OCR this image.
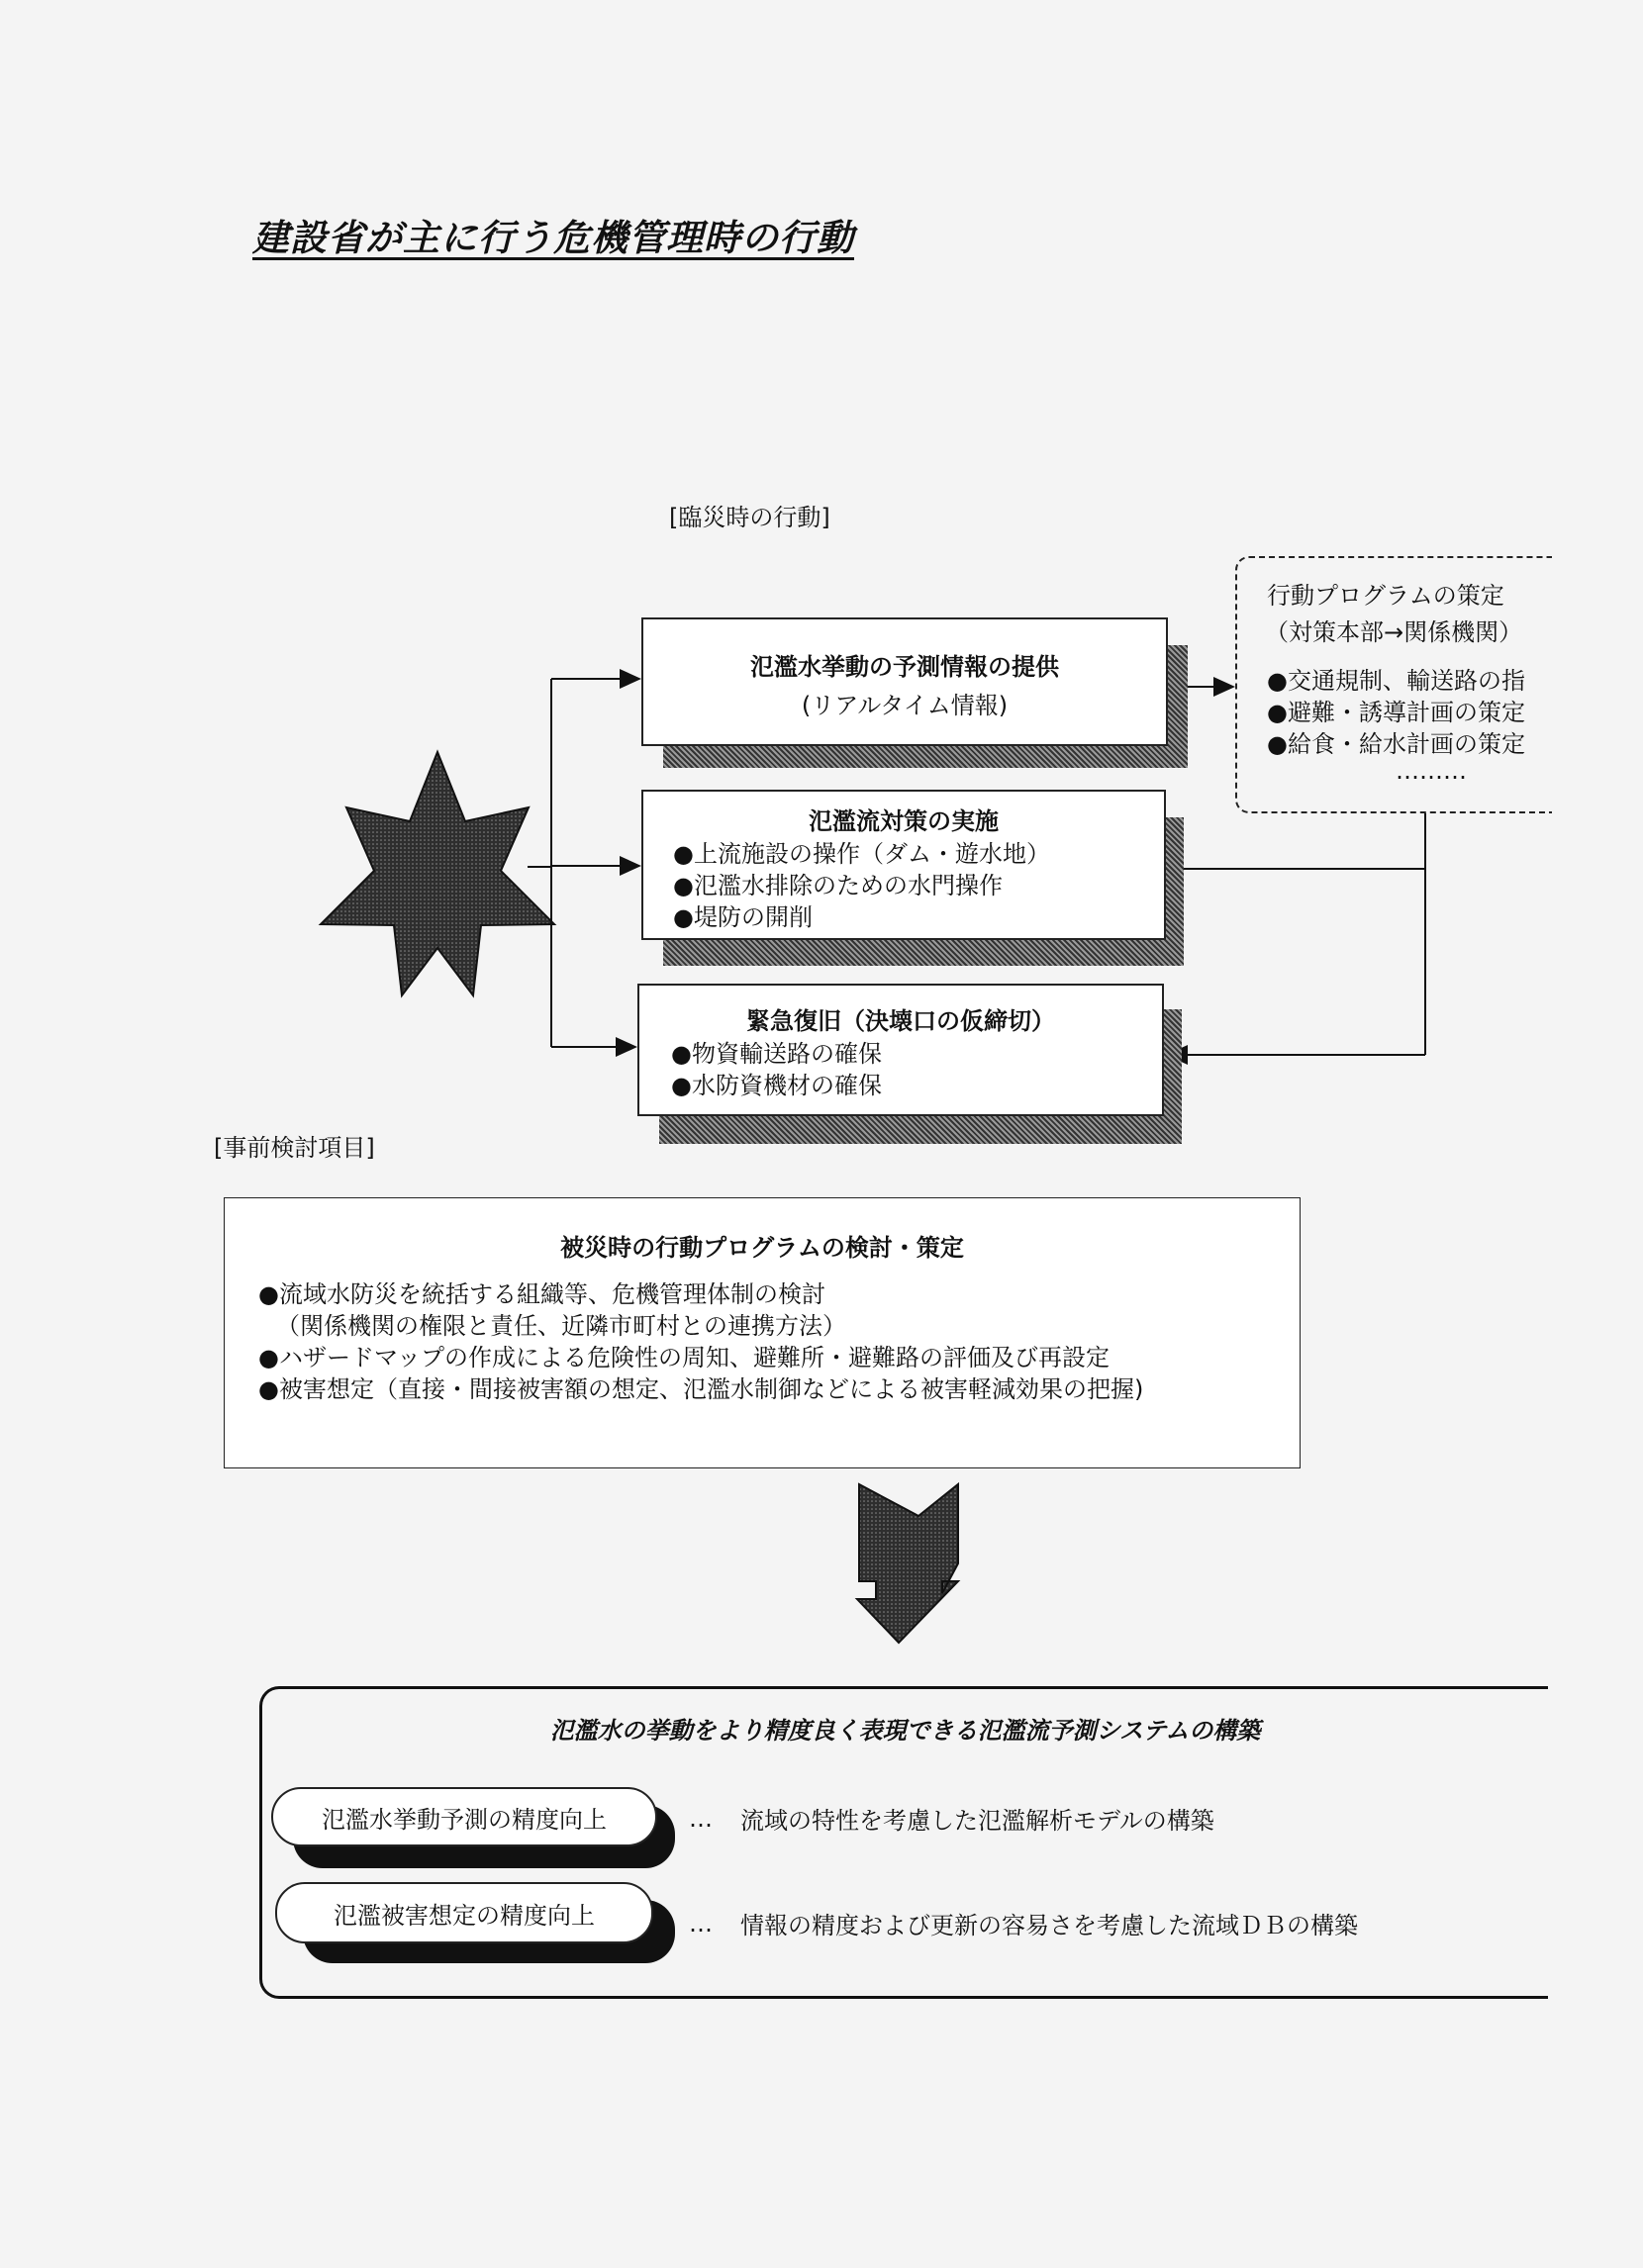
建設省が主に行う危機管理時の行動
[臨災時の行動]
氾濫水挙動の予測情報の提供
(リアルタイム情報)
氾濫流対策の実施
●上流施設の操作（ダム・遊水地）
●氾濫水排除のための水門操作
●堤防の開削
緊急復旧（決壊口の仮締切）
●物資輸送路の確保
●水防資機材の確保
行動プログラムの策定
（対策本部→関係機関）
●交通規制、輸送路の指
●避難・誘導計画の策定
●給食・給水計画の策定
………
[事前検討項目]
被災時の行動プログラムの検討・策定
●流域水防災を統括する組織等、危機管理体制の検討
（関係機関の権限と責任、近隣市町村との連携方法）
●ハザードマップの作成による危険性の周知、避難所・避難路の評価及び再設定
●被害想定（直接・間接被害額の想定、氾濫水制御などによる被害軽減効果の把握)
氾濫水の挙動をより精度良く表現できる氾濫流予測システムの構築
氾濫水挙動予測の精度向上	… 流域の特性を考慮した氾濫解析モデルの構築
氾濫被害想定の精度向上	… 情報の精度および更新の容易さを考慮した流域ＤＢの構築
